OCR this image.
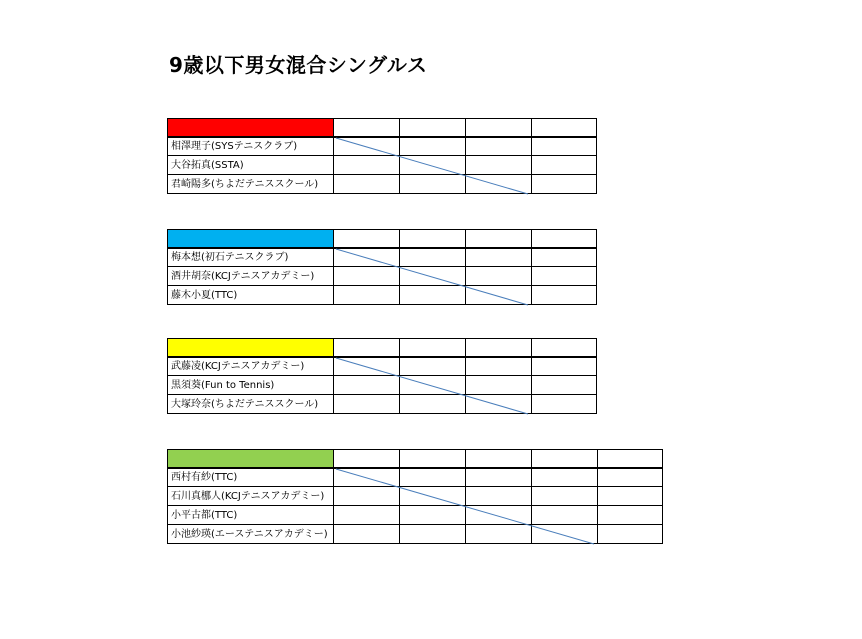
9歳以下男女混合シングルス
相澤理子(SYSテニスクラブ)
大谷拓真(SSTA)
君崎陽多(ちよだテニススクール)
梅本想(初石テニスクラブ)
酒井胡奈(KCJテニスアカデミー)
藤木小夏(TTC)
武藤凌(KCJテニスアカデミー)
黒須葵(Fun to Tennis)
大塚玲奈(ちよだテニススクール)
西村有紗(TTC)
石川真梛人(KCJテニスアカデミー)
小平古都(TTC)
小池紗瑛(エーステニスアカデミー)
